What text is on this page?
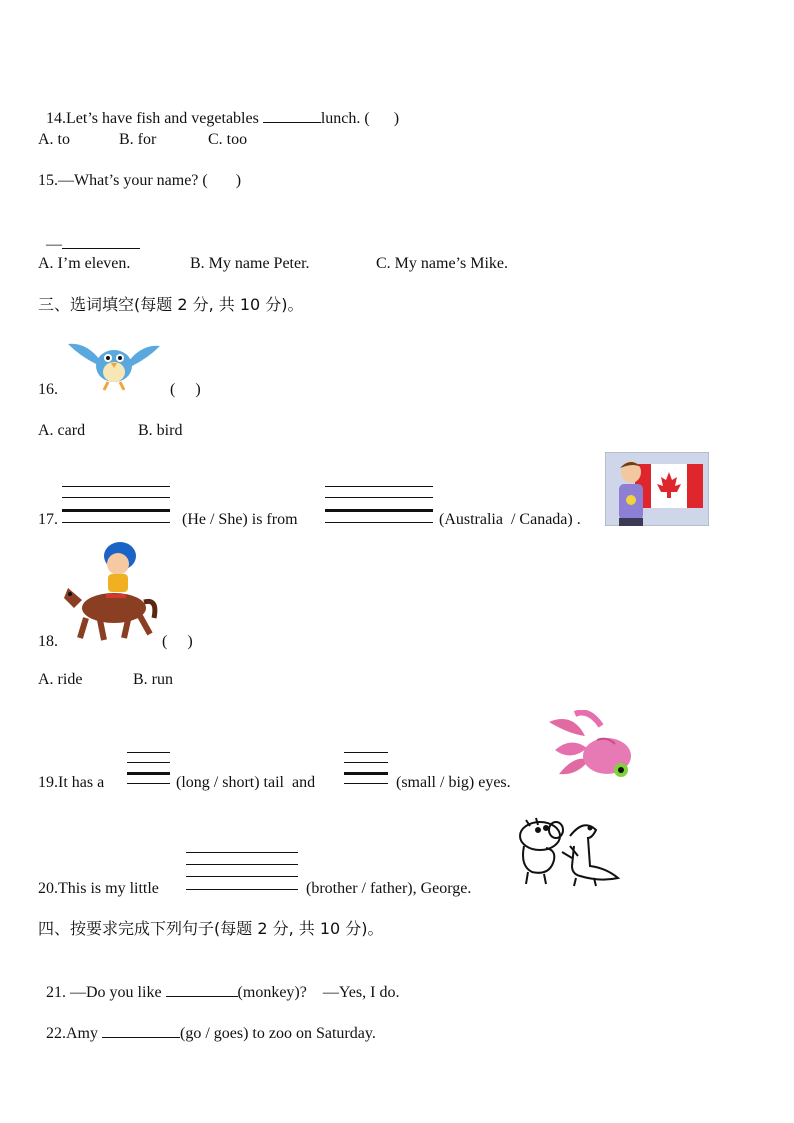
14.Let’s have fish and vegetables	lunch. (      )

A. to	B. for	C. too
15.—What’s your name? (       )

—

A. I’m eleven.	B. My name Peter.	C. My name’s Mike.
三、选词填空(每题 2 分, 共 10 分)。
16.	(     )
A. card	B. bird
17.	(He / She) is from	(Australia  / Canada) .
18.	(     )
A. ride	B. run
19.It has a	(long / short) tail  and	(small / big) eyes.
20.This is my little	(brother / father), George.
四、按要求完成下列句子(每题 2 分, 共 10 分)。

21. —Do you like	(monkey)?    —Yes, I do.

22.Amy	(go / goes) to zoo on Saturday.
